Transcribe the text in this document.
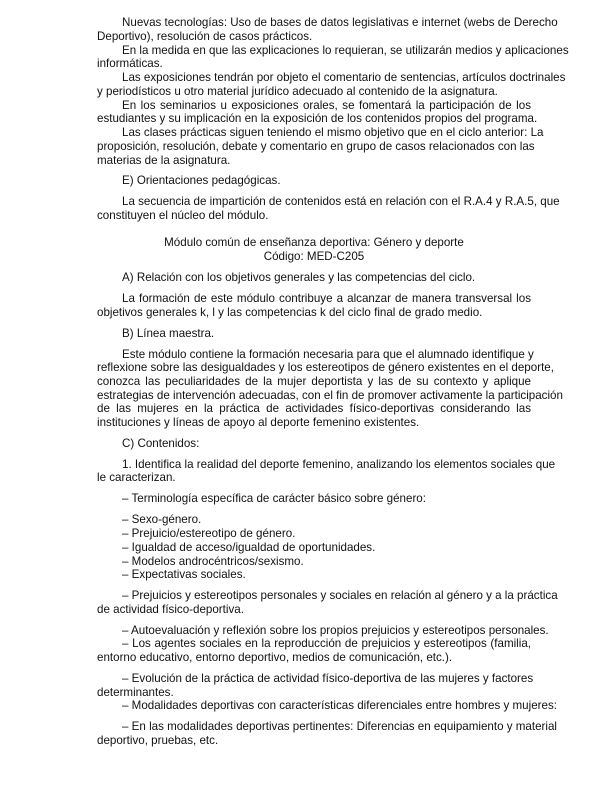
Nuevas tecnologías: Uso de bases de datos legislativas e internet (webs de Derecho
Deportivo), resolución de casos prácticos.
En la medida en que las explicaciones lo requieran, se utilizarán medios y aplicaciones
informáticas.
Las exposiciones tendrán por objeto el comentario de sentencias, artículos doctrinales
y periodísticos u otro material jurídico adecuado al contenido de la asignatura.
En los seminarios u exposiciones orales, se fomentará la participación de los
estudiantes y su implicación en la exposición de los contenidos propios del programa.
Las clases prácticas siguen teniendo el mismo objetivo que en el ciclo anterior: La
proposición, resolución, debate y comentario en grupo de casos relacionados con las
materias de la asignatura.
E) Orientaciones pedagógicas.
La secuencia de impartición de contenidos está en relación con el R.A.4 y R.A.5, que
constituyen el núcleo del módulo.
Módulo común de enseñanza deportiva: Género y deporte
Código: MED-C205
A) Relación con los objetivos generales y las competencias del ciclo.
La formación de este módulo contribuye a alcanzar de manera transversal los
objetivos generales k, l y las competencias k del ciclo final de grado medio.
B) Línea maestra.
Este módulo contiene la formación necesaria para que el alumnado identifique y
reflexione sobre las desigualdades y los estereotipos de género existentes en el deporte,
conozca las peculiaridades de la mujer deportista y las de su contexto y aplique
estrategias de intervención adecuadas, con el fin de promover activamente la participación
de las mujeres en la práctica de actividades físico-deportivas considerando las
instituciones y líneas de apoyo al deporte femenino existentes.
C) Contenidos:
1. Identifica la realidad del deporte femenino, analizando los elementos sociales que
le caracterizan.
– Terminología específica de carácter básico sobre género:
– Sexo-género.
– Prejuicio/estereotipo de género.
– Igualdad de acceso/igualdad de oportunidades.
– Modelos androcéntricos/sexismo.
– Expectativas sociales.
– Prejuicios y estereotipos personales y sociales en relación al género y a la práctica
de actividad físico-deportiva.
– Autoevaluación y reflexión sobre los propios prejuicios y estereotipos personales.
– Los agentes sociales en la reproducción de prejuicios y estereotipos (familia,
entorno educativo, entorno deportivo, medios de comunicación, etc.).
– Evolución de la práctica de actividad físico-deportiva de las mujeres y factores
determinantes.
– Modalidades deportivas con características diferenciales entre hombres y mujeres:
– En las modalidades deportivas pertinentes: Diferencias en equipamiento y material
deportivo, pruebas, etc.
